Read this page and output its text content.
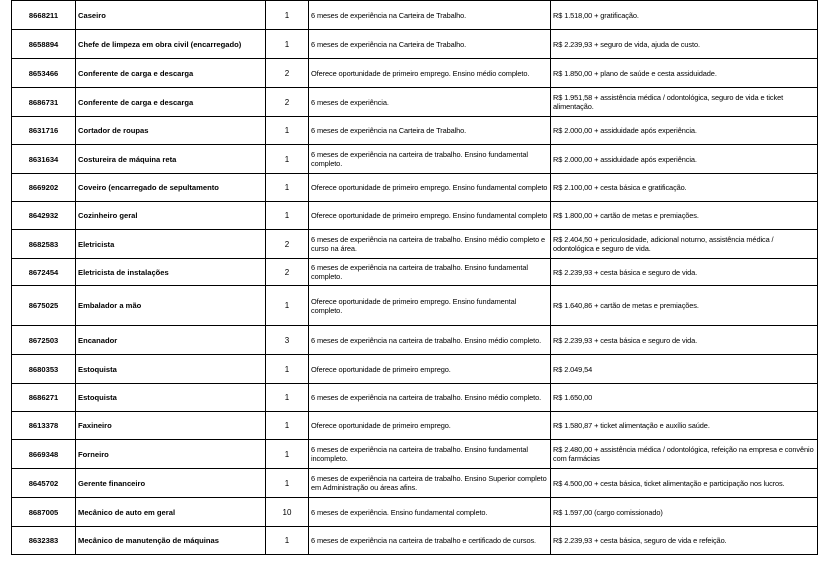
8668211	Caseiro	1	6 meses de experiência na Carteira de Trabalho.	R$ 1.518,00 + gratificação.
8658894	Chefe de limpeza em obra civil (encarregado)	1	6 meses de experiência na Carteira de Trabalho.	R$ 2.239,93 + seguro de vida, ajuda de custo.
8653466	Conferente de carga e descarga	2	Oferece oportunidade de primeiro emprego. Ensino médio completo.	R$ 1.850,00 + plano de saúde e cesta assiduidade.
8686731	Conferente de carga e descarga	2	6 meses de experiência.	R$ 1.951,58 + assistência médica / odontológica, seguro de vida e ticket alimentação.
8631716	Cortador de roupas	1	6 meses de experiência na Carteira de Trabalho.	R$ 2.000,00 + assiduidade após experiência.
8631634	Costureira de máquina reta	1	6 meses de experiência na carteira de trabalho. Ensino fundamental completo.	R$ 2.000,00 + assiduidade após experiência.
8669202	Coveiro (encarregado de sepultamento	1	Oferece oportunidade de primeiro emprego. Ensino fundamental completo	R$ 2.100,00 + cesta básica e gratificação.
8642932	Cozinheiro geral	1	Oferece oportunidade de primeiro emprego. Ensino fundamental completo	R$ 1.800,00 + cartão de metas e premiações.
8682583	Eletricista	2	6 meses de experiência na carteira de trabalho. Ensino médio completo e curso na área.	R$ 2.404,50 + periculosidade, adicional noturno, assistência médica / odontológica e seguro de vida.
8672454	Eletricista de instalações	2	6 meses de experiência na carteira de trabalho. Ensino fundamental completo.	R$ 2.239,93 + cesta básica e seguro de vida.
8675025	Embalador a mão	1	Oferece oportunidade de primeiro emprego. Ensino fundamental completo.	R$ 1.640,86 + cartão de metas e premiações.
8672503	Encanador	3	6 meses de experiência na carteira de trabalho. Ensino médio completo.	R$ 2.239,93 + cesta básica e seguro de vida.
8680353	Estoquista	1	Oferece oportunidade de primeiro emprego.	R$ 2.049,54
8686271	Estoquista	1	6 meses de experiência na carteira de trabalho. Ensino médio completo.	R$ 1.650,00
8613378	Faxineiro	1	Oferece oportunidade de primeiro emprego.	R$ 1.580,87 + ticket alimentação e auxílio saúde.
8669348	Forneiro	1	6 meses de experiência na carteira de trabalho. Ensino fundamental incompleto.	R$ 2.480,00 + assistência médica / odontológica, refeição na empresa e convênio com farmácias
8645702	Gerente financeiro	1	6 meses de experiência na carteira de trabalho. Ensino Superior completo em Administração ou áreas afins.	R$ 4.500,00 + cesta básica, ticket alimentação e participação nos lucros.
8687005	Mecânico de auto em geral	10	6 meses de experiência. Ensino fundamental completo.	R$ 1.597,00 (cargo comissionado)
8632383	Mecânico de manutenção de máquinas	1	6 meses de experiência na carteira de trabalho e certificado de cursos.	R$ 2.239,93 + cesta básica, seguro de vida e refeição.
